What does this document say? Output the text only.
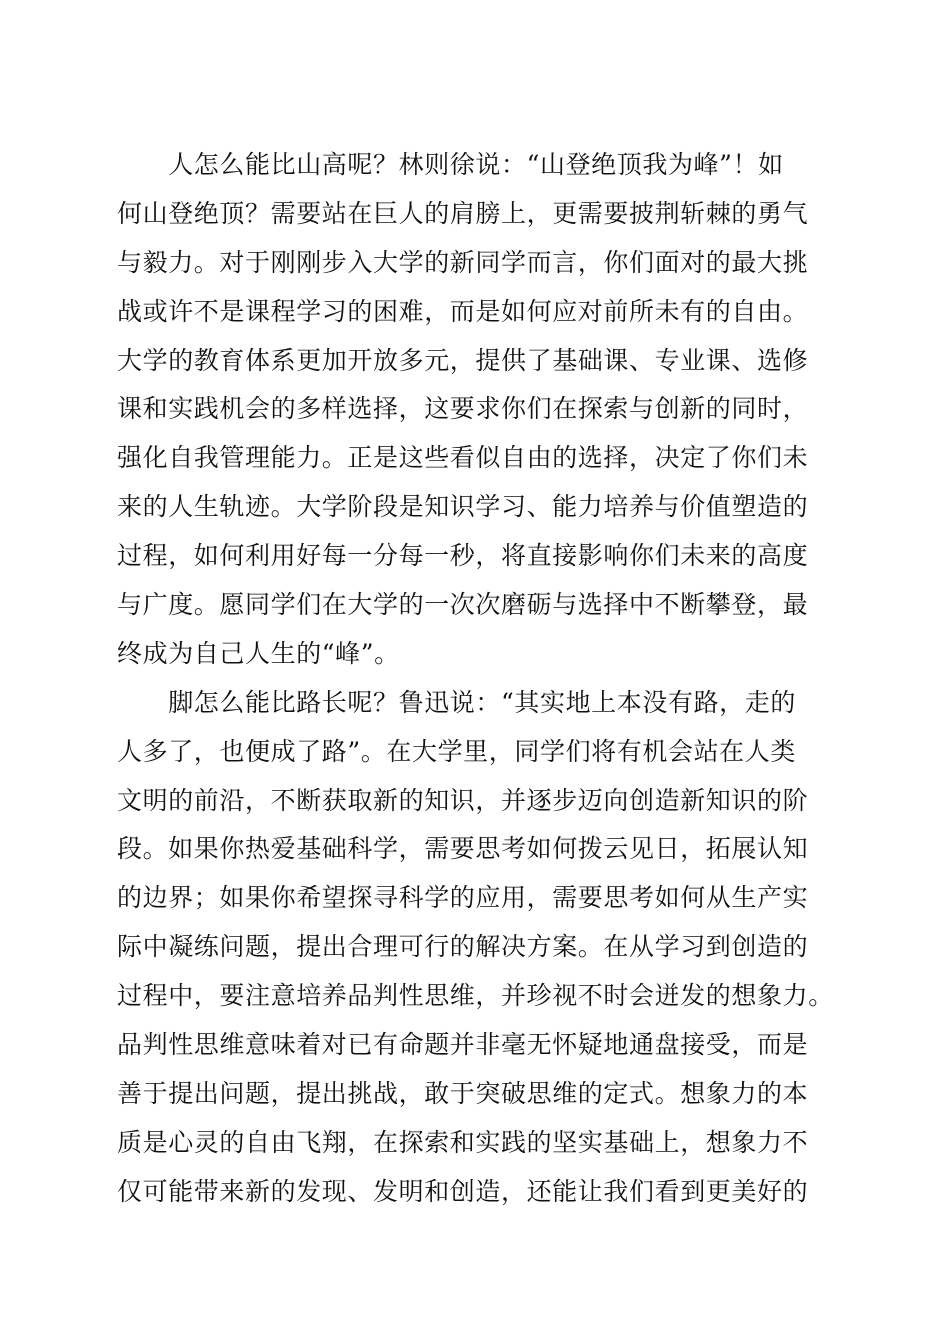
　　人怎么能比山高呢？林则徐说：“山登绝顶我为峰”！如
何山登绝顶？需要站在巨人的肩膀上，更需要披荆斩棘的勇气
与毅力。对于刚刚步入大学的新同学而言，你们面对的最大挑
战或许不是课程学习的困难，而是如何应对前所未有的自由。
大学的教育体系更加开放多元，提供了基础课、专业课、选修
课和实践机会的多样选择，这要求你们在探索与创新的同时，
强化自我管理能力。正是这些看似自由的选择，决定了你们未
来的人生轨迹。大学阶段是知识学习、能力培养与价值塑造的
过程，如何利用好每一分每一秒，将直接影响你们未来的高度
与广度。愿同学们在大学的一次次磨砺与选择中不断攀登，最
终成为自己人生的“峰”。
　　脚怎么能比路长呢？鲁迅说：“其实地上本没有路，走的
人多了，也便成了路”。在大学里，同学们将有机会站在人类
文明的前沿，不断获取新的知识，并逐步迈向创造新知识的阶
段。如果你热爱基础科学，需要思考如何拨云见日，拓展认知
的边界；如果你希望探寻科学的应用，需要思考如何从生产实
际中凝练问题，提出合理可行的解决方案。在从学习到创造的
过程中，要注意培养品判性思维，并珍视不时会迸发的想象力。
品判性思维意味着对已有命题并非毫无怀疑地通盘接受，而是
善于提出问题，提出挑战，敢于突破思维的定式。想象力的本
质是心灵的自由飞翔，在探索和实践的坚实基础上，想象力不
仅可能带来新的发现、发明和创造，还能让我们看到更美好的
